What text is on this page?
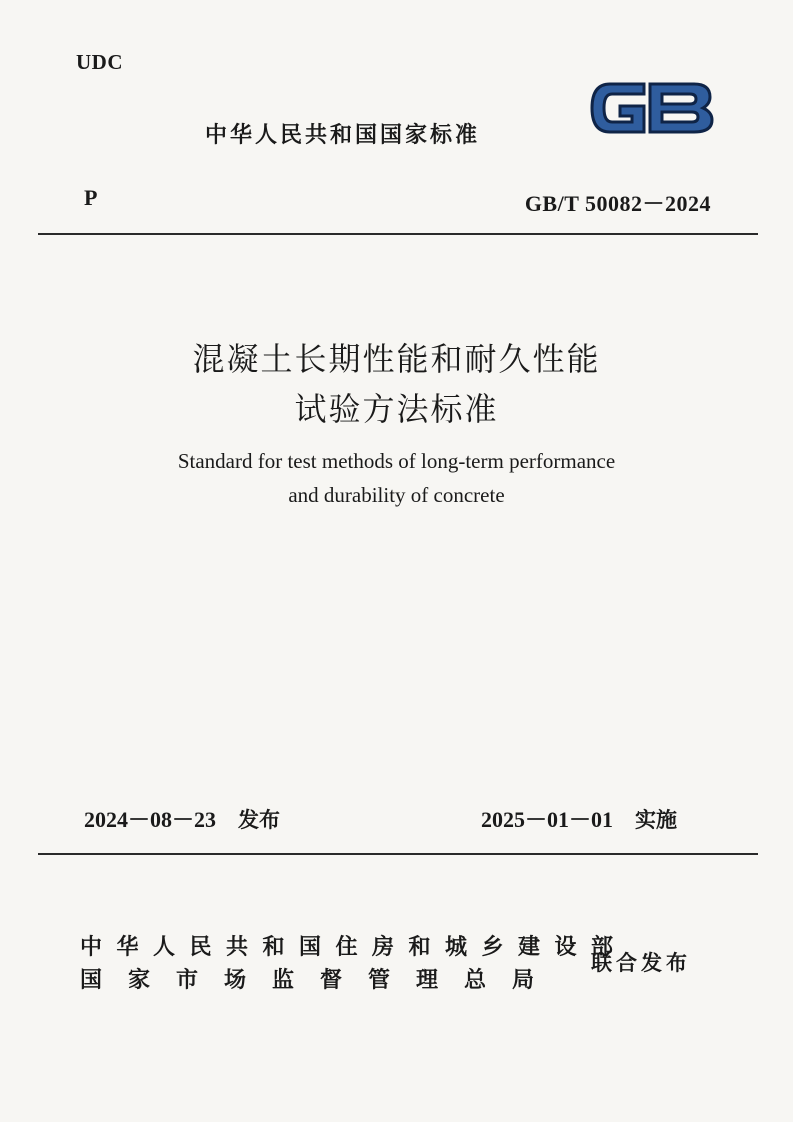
UDC
中华人民共和国国家标准
P	GB/T 50082－2024
混凝土长期性能和耐久性能
试验方法标准
Standard for test methods of long-term performance
and durability of concrete
2024－08－23 发布	2025－01－01 实施
中华人民共和国住房和城乡建设部
国家市场监督管理总局
联合发布
